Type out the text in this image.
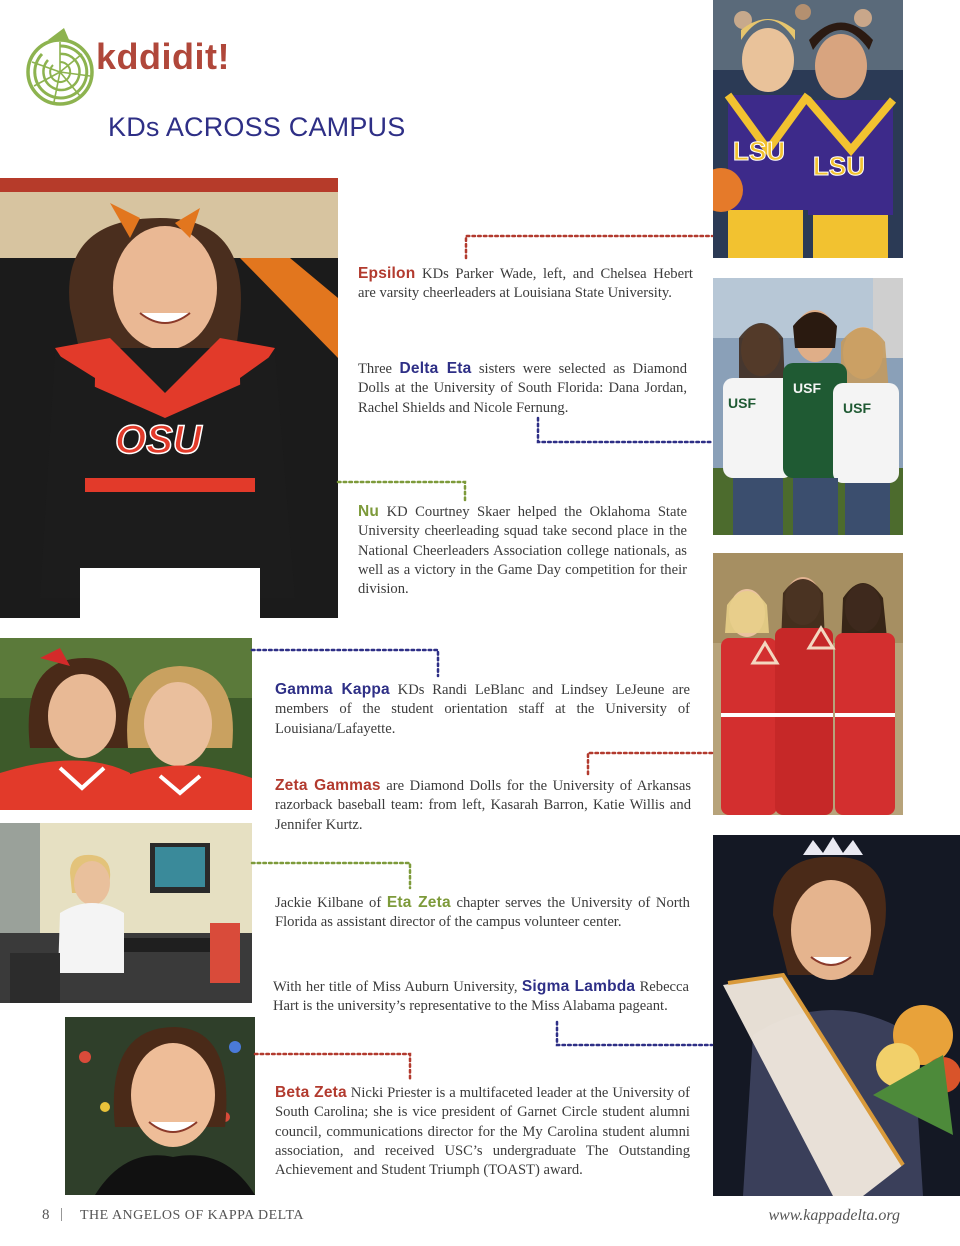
kddidit!
KDs ACROSS CAMPUS
LSU LSU
OSU
USF
USF
USF
Epsilon KDs Parker Wade, left, and Chelsea Hebert are varsity cheerleaders at Louisiana State University.
Three Delta Eta sisters were selected as Diamond Dolls at the University of South Florida: Dana Jordan, Rachel Shields and Nicole Fernung.
Nu KD Courtney Skaer helped the Oklahoma State University cheerleading squad take second place in the National Cheerleaders Association college nationals, as well as a victory in the Game Day competition for their division.
Gamma Kappa KDs Randi LeBlanc and Lindsey LeJeune are members of the student orientation staff at the University of Louisiana/Lafayette.
Zeta Gammas are Diamond Dolls for the University of Arkansas razorback baseball team: from left, Kasarah Barron, Katie Willis and Jennifer Kurtz.
Jackie Kilbane of Eta Zeta chapter serves the University of North Florida as assistant director of the campus volunteer center.
With her title of Miss Auburn University, Sigma Lambda Rebecca Hart is the university’s representative to the Miss Alabama pageant.
Beta Zeta Nicki Priester is a multifaceted leader at the University of South Carolina; she is vice president of Garnet Circle student alumni council, communications director for the My Carolina student alumni association, and received USC’s undergraduate The Outstanding Achievement and Student Triumph (TOAST) award.
8 | THE ANGELOS OF KAPPA DELTA	www.kappadelta.org
